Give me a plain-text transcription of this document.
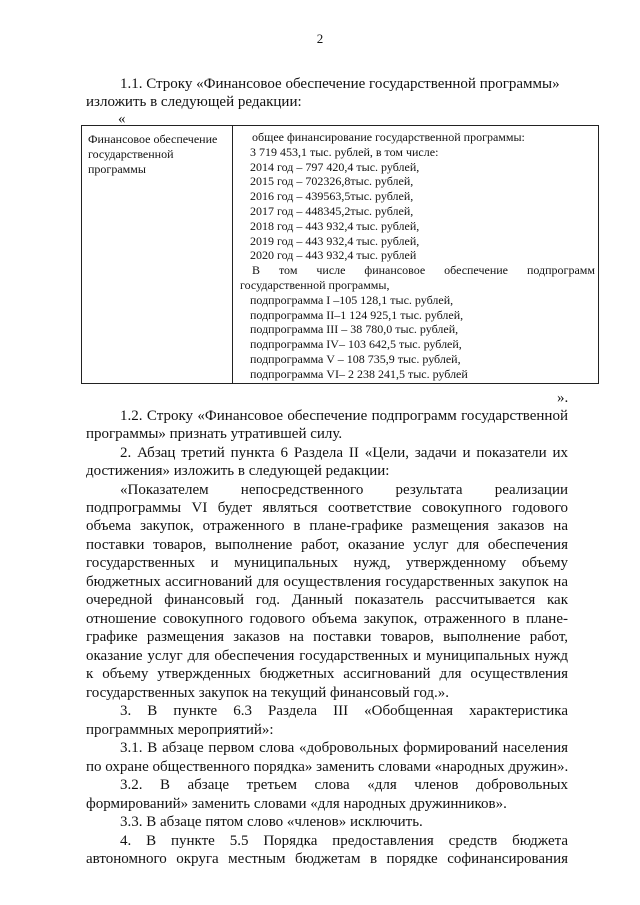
2
1.1. Строку «Финансовое обеспечение государственной программы»
изложить в следующей редакции:
«
Финансовое обеспечение
государственной
программы
общее финансирование государственной программы:
3 719 453,1 тыс. рублей, в том числе:
2014 год – 797 420,4 тыс. рублей,
2015 год – 702326,8тыс. рублей,
2016 год – 439563,5тыс. рублей,
2017 год – 448345,2тыс. рублей,
2018 год – 443 932,4 тыс. рублей,
2019 год – 443 932,4 тыс. рублей,
2020 год – 443 932,4 тыс. рублей
В том числе финансовое обеспечение подпрограмм
государственной программы,
подпрограмма I –105 128,1 тыс. рублей,
подпрограмма II–1 124 925,1 тыс. рублей,
подпрограмма III – 38 780,0 тыс. рублей,
подпрограмма IV– 103 642,5 тыс. рублей,
подпрограмма V – 108 735,9 тыс. рублей,
подпрограмма VI– 2 238 241,5 тыс. рублей
».
1.2. Строку «Финансовое обеспечение подпрограмм государственной
программы» признать утратившей силу.
2. Абзац третий пункта 6 Раздела II «Цели, задачи и показатели их
достижения» изложить в следующей редакции:
«Показателем непосредственного результата реализации
подпрограммы VI будет являться соответствие совокупного годового
объема закупок, отраженного в плане-графике размещения заказов на
поставки товаров, выполнение работ, оказание услуг для обеспечения
государственных и муниципальных нужд, утвержденному объему
бюджетных ассигнований для осуществления государственных закупок на
очередной финансовый год. Данный показатель рассчитывается как
отношение совокупного годового объема закупок, отраженного в плане-
графике размещения заказов на поставки товаров, выполнение работ,
оказание услуг для обеспечения государственных и муниципальных нужд
к объему утвержденных бюджетных ассигнований для осуществления
государственных закупок на текущий финансовый год.».
3. В пункте 6.3 Раздела III «Обобщенная характеристика
программных мероприятий»:
3.1. В абзаце первом слова «добровольных формирований населения
по охране общественного порядка» заменить словами «народных дружин».
3.2. В абзаце третьем слова «для членов добровольных
формирований» заменить словами «для народных дружинников».
3.3. В абзаце пятом слово «членов» исключить.
4. В пункте 5.5 Порядка предоставления средств бюджета
автономного округа местным бюджетам в порядке софинансирования
